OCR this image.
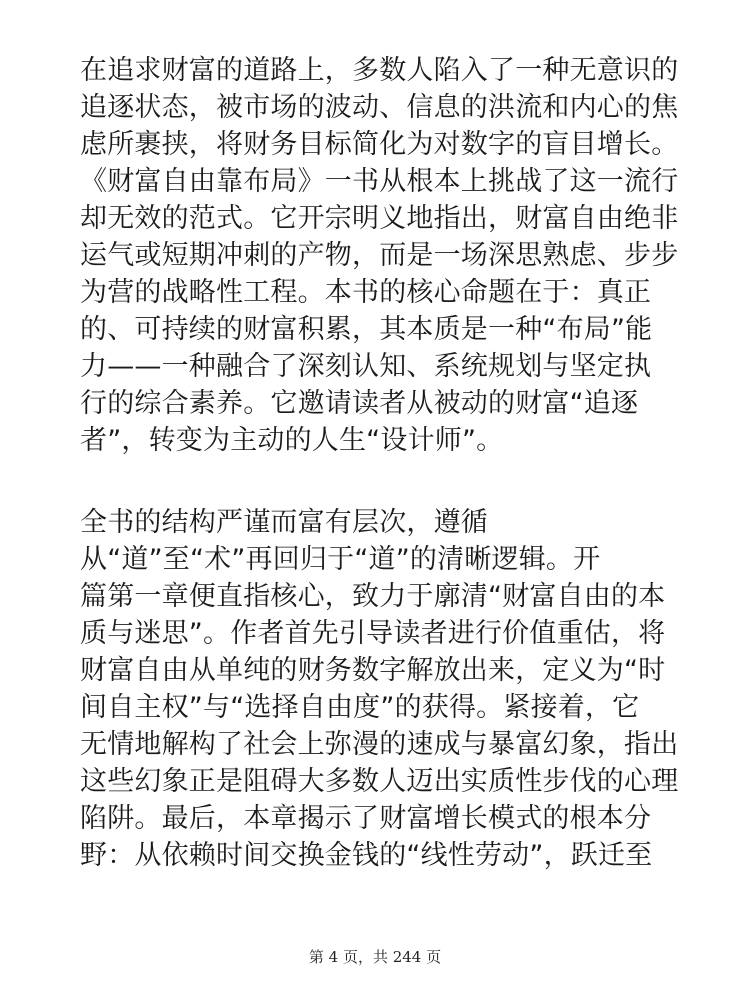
在追求财富的道路上，多数人陷入了一种无意识的
追逐状态，被市场的波动、信息的洪流和内心的焦
虑所裹挟，将财务目标简化为对数字的盲目增长。
《财富自由靠布局》一书从根本上挑战了这一流行
却无效的范式。它开宗明义地指出，财富自由绝非
运气或短期冲刺的产物，而是一场深思熟虑、步步
为营的战略性工程。本书的核心命题在于：真正
的、可持续的财富积累，其本质是一种“布局”能
力——一种融合了深刻认知、系统规划与坚定执
行的综合素养。它邀请读者从被动的财富“追逐
者”，转变为主动的人生“设计师”。
全书的结构严谨而富有层次，遵循
从“道”至“术”再回归于“道”的清晰逻辑。开
篇第一章便直指核心，致力于廓清“财富自由的本
质与迷思”。作者首先引导读者进行价值重估，将
财富自由从单纯的财务数字解放出来，定义为“时
间自主权”与“选择自由度”的获得。紧接着，它
无情地解构了社会上弥漫的速成与暴富幻象，指出
这些幻象正是阻碍大多数人迈出实质性步伐的心理
陷阱。最后，本章揭示了财富增长模式的根本分
野：从依赖时间交换金钱的“线性劳动”，跃迁至
第 4 页，共 244 页
